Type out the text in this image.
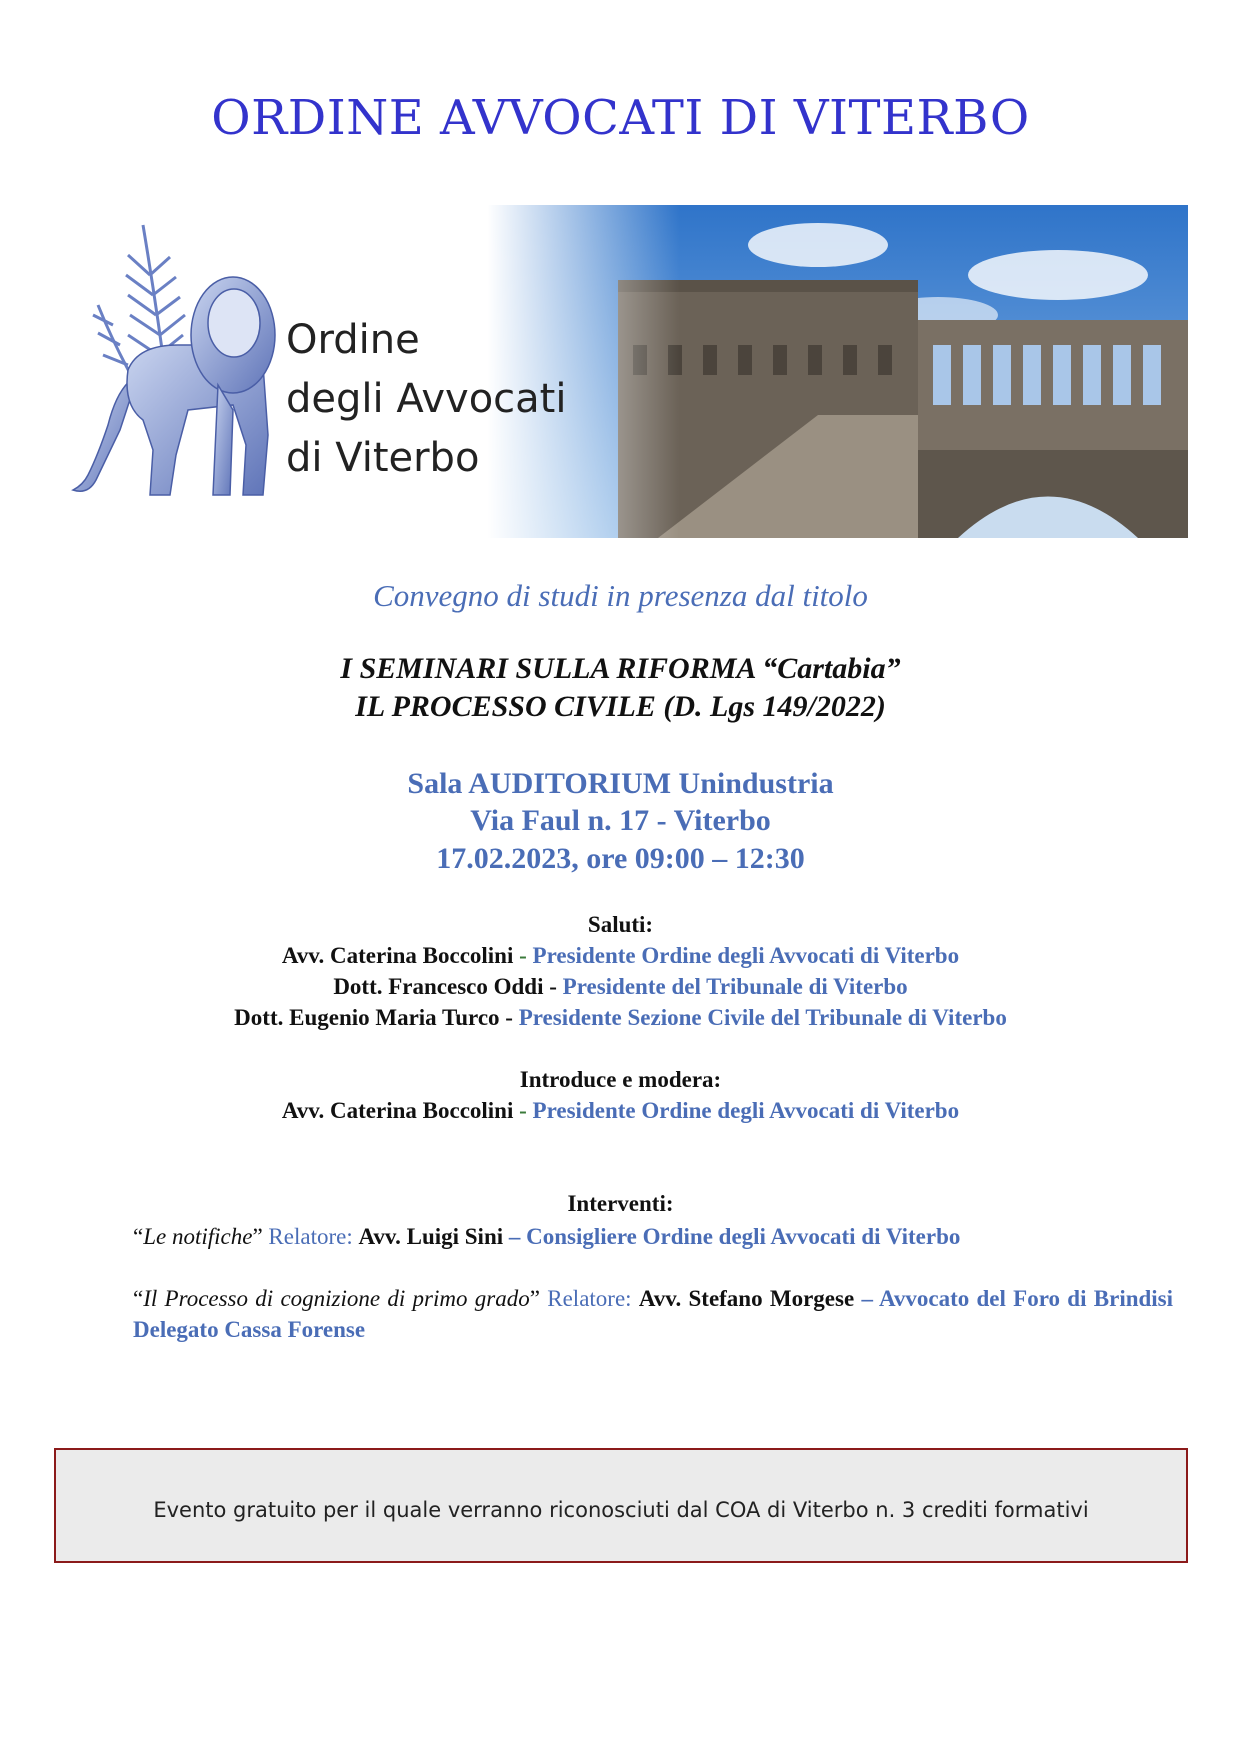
ORDINE AVVOCATI DI VITERBO
Ordine
degli Avvocati
di Viterbo
Convegno di studi in presenza dal titolo
I SEMINARI SULLA RIFORMA “Cartabia”
IL PROCESSO CIVILE (D. Lgs 149/2022)
Sala AUDITORIUM Unindustria
Via Faul n. 17 - Viterbo
17.02.2023, ore 09:00 – 12:30
Saluti:
Avv. Caterina Boccolini - Presidente Ordine degli Avvocati di Viterbo
Dott. Francesco Oddi - Presidente del Tribunale di Viterbo
Dott. Eugenio Maria Turco - Presidente Sezione Civile del Tribunale di Viterbo
Introduce e modera:
Avv. Caterina Boccolini - Presidente Ordine degli Avvocati di Viterbo
Interventi:
“Le notifiche” Relatore: Avv. Luigi Sini – Consigliere Ordine degli Avvocati di Viterbo
“Il Processo di cognizione di primo grado” Relatore: Avv. Stefano Morgese – Avvocato del Foro di Brindisi Delegato Cassa Forense
Evento gratuito per il quale verranno riconosciuti dal COA di Viterbo n. 3 crediti formativi
